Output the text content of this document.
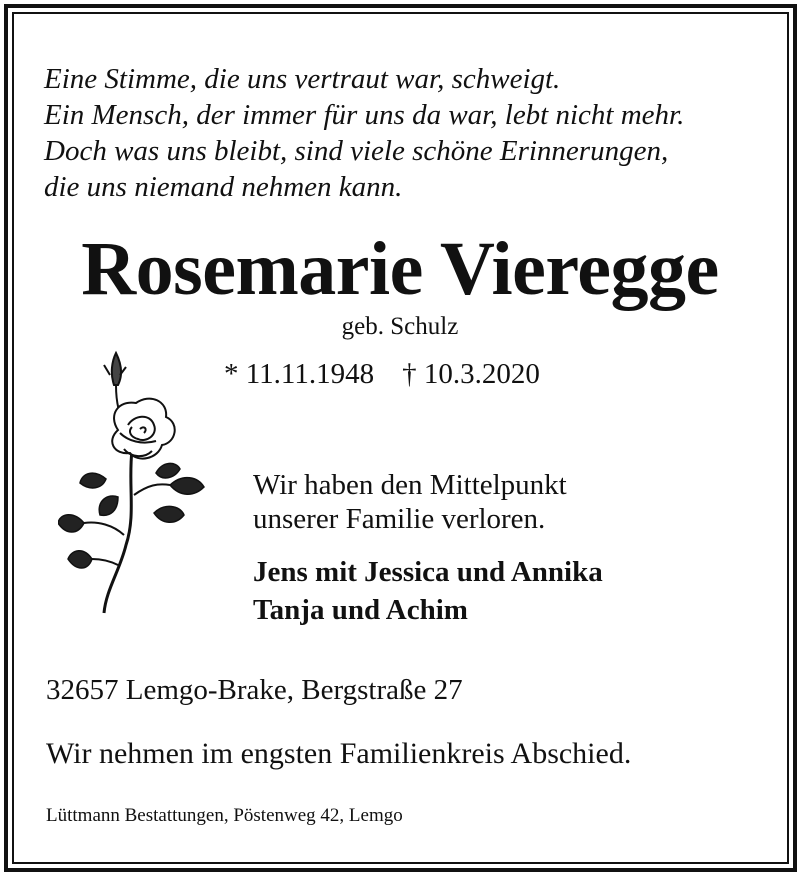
Eine Stimme, die uns vertraut war, schweigt.
Ein Mensch, der immer für uns da war, lebt nicht mehr.
Doch was uns bleibt, sind viele schöne Erinnerungen,
die uns niemand nehmen kann.
Rosemarie Vieregge
geb. Schulz
* 11.11.1948 † 10.3.2020
Wir haben den Mittelpunkt
unserer Familie verloren.
Jens mit Jessica und Annika
Tanja und Achim
32657 Lemgo-Brake, Bergstraße 27
Wir nehmen im engsten Familienkreis Abschied.
Lüttmann Bestattungen, Pöstenweg 42, Lemgo
